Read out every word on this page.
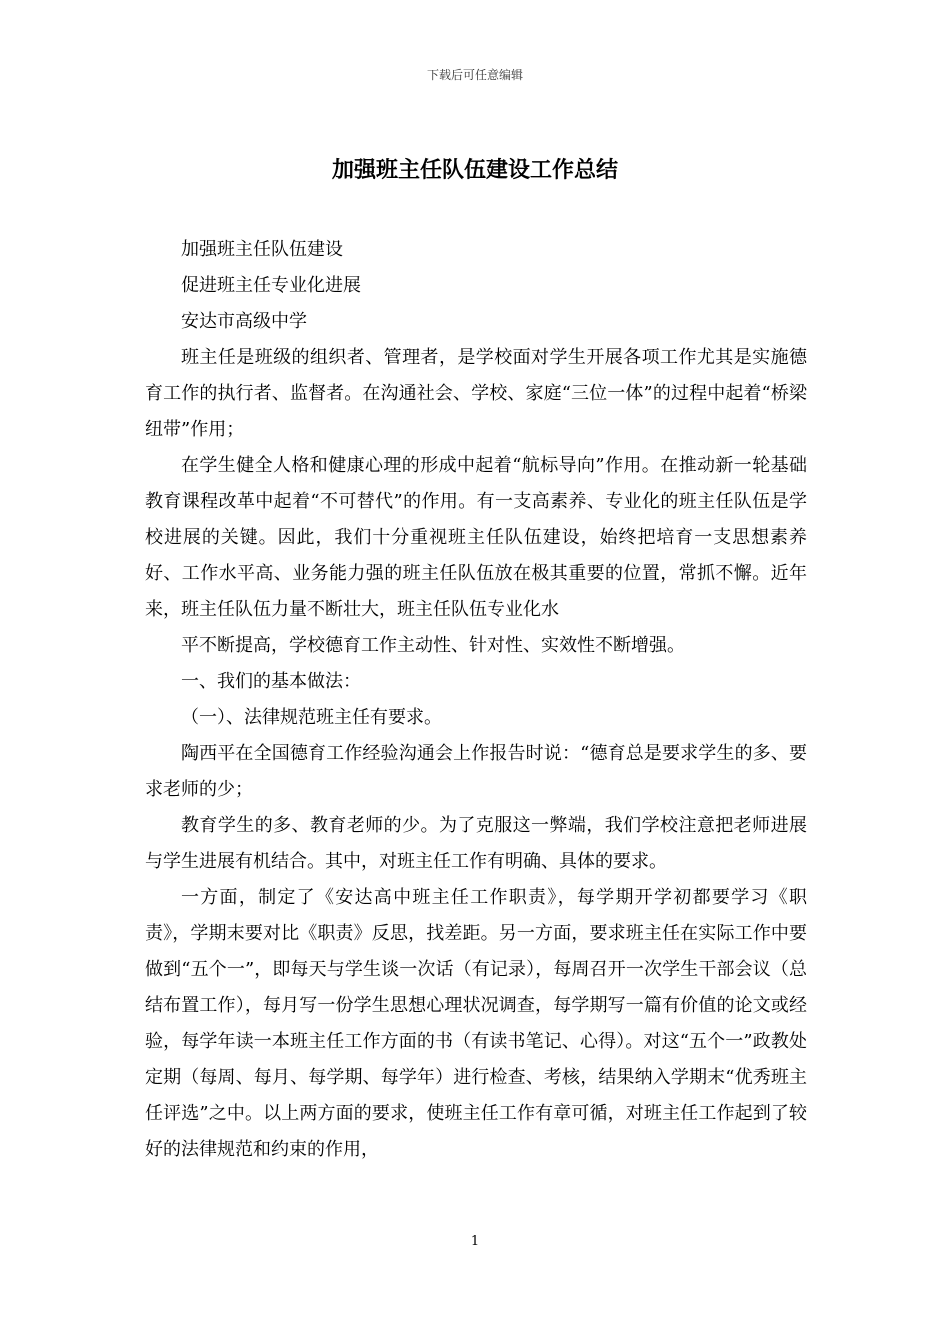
下载后可任意编辑
加强班主任队伍建设工作总结

加强班主任队伍建设

促进班主任专业化进展

安达市高级中学

班主任是班级的组织者、管理者，是学校面对学生开展各项工作尤其是实施德育工作的执行者、监督者。在沟通社会、学校、家庭“三位一体”的过程中起着“桥梁纽带”作用；

在学生健全人格和健康心理的形成中起着“航标导向”作用。在推动新一轮基础教育课程改革中起着“不可替代”的作用。有一支高素养、专业化的班主任队伍是学校进展的关键。因此，我们十分重视班主任队伍建设，始终把培育一支思想素养好、工作水平高、业务能力强的班主任队伍放在极其重要的位置，常抓不懈。近年来，班主任队伍力量不断壮大，班主任队伍专业化水

平不断提高，学校德育工作主动性、针对性、实效性不断增强。

一、我们的基本做法：

（一）、法律规范班主任有要求。

陶西平在全国德育工作经验沟通会上作报告时说：“德育总是要求学生的多、要求老师的少；

教育学生的多、教育老师的少。为了克服这一弊端，我们学校注意把老师进展与学生进展有机结合。其中，对班主任工作有明确、具体的要求。

一方面，制定了《安达高中班主任工作职责》，每学期开学初都要学习《职责》，学期末要对比《职责》反思，找差距。另一方面，要求班主任在实际工作中要做到“五个一”，即每天与学生谈一次话（有记录），每周召开一次学生干部会议（总结布置工作），每月写一份学生思想心理状况调查，每学期写一篇有价值的论文或经验，每学年读一本班主任工作方面的书（有读书笔记、心得）。对这“五个一”政教处定期（每周、每月、每学期、每学年）进行检查、考核，结果纳入学期末“优秀班主任评选”之中。以上两方面的要求，使班主任工作有章可循，对班主任工作起到了较好的法律规范和约束的作用，

1
